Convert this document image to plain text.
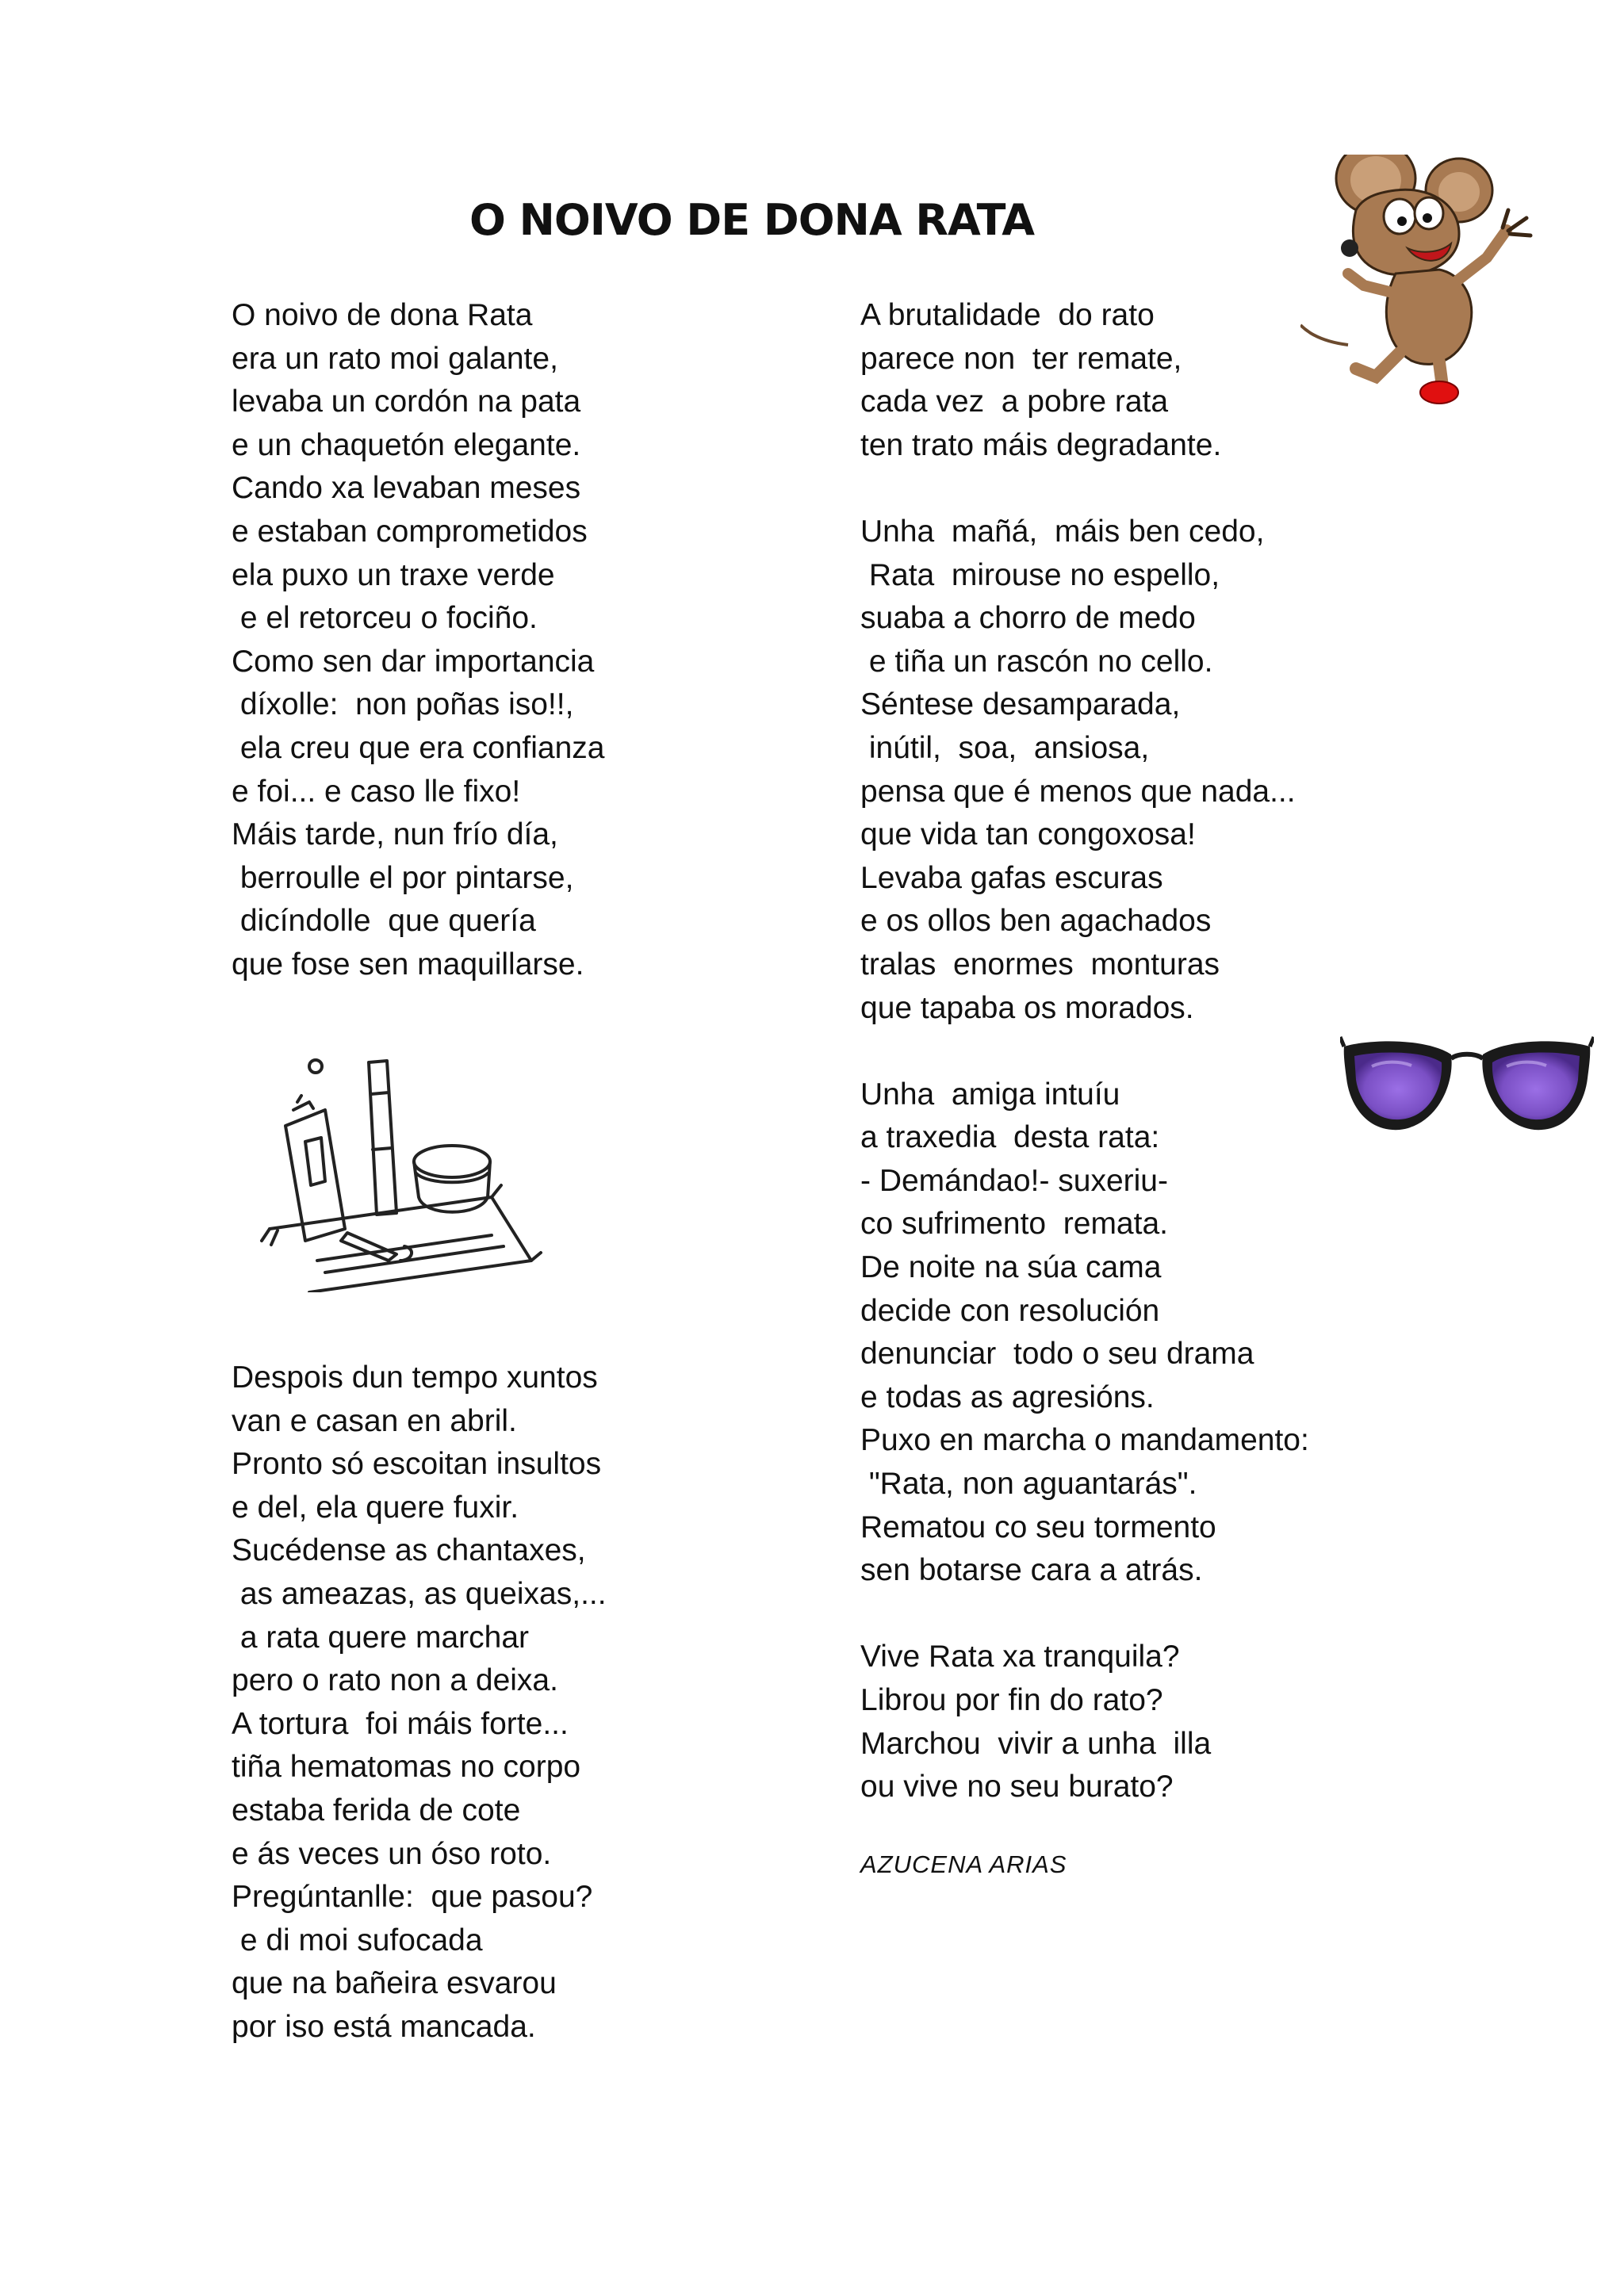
O NOIVO DE DONA RATA

O noivo de dona Rata

era un rato moi galante,

levaba un cordón na pata

e un chaquetón elegante.

Cando xa levaban meses

e estaban comprometidos

ela puxo un traxe verde

e el retorceu o fociño.

Como sen dar importancia

díxolle:  non poñas iso!!,

ela creu que era confianza

e foi... e caso lle fixo!

Máis tarde, nun frío día,

berroulle el por pintarse,

dicíndolle  que quería

que fose sen maquillarse.

Despois dun tempo xuntos

van e casan en abril.

Pronto só escoitan insultos

e del, ela quere fuxir.

Sucédense as chantaxes,

as ameazas, as queixas,...

a rata quere marchar

pero o rato non a deixa.

A tortura  foi máis forte...

tiña hematomas no corpo

estaba ferida de cote

e ás veces un óso roto.

Pregúntanlle:  que pasou?

e di moi sufocada

que na bañeira esvarou

por iso está mancada.

A brutalidade  do rato

parece non  ter remate,

cada vez  a pobre rata

ten trato máis degradante.

Unha  mañá,  máis ben cedo,

Rata  mirouse no espello,

suaba a chorro de medo

e tiña un rascón no cello.

Séntese desamparada,

inútil,  soa,  ansiosa,

pensa que é menos que nada...

que vida tan congoxosa!

Levaba gafas escuras

e os ollos ben agachados

tralas  enormes  monturas

que tapaba os morados.

Unha  amiga intuíu

a traxedia  desta rata:

- Demándao!- suxeriu-

co sufrimento  remata.

De noite na súa cama

decide con resolución

denunciar  todo o seu drama

e todas as agresións.

Puxo en marcha o mandamento:

"Rata, non aguantarás".

Rematou co seu tormento

sen botarse cara a atrás.

Vive Rata xa tranquila?

Librou por fin do rato?

Marchou  vivir a unha  illa

ou vive no seu burato?

AZUCENA ARIAS
